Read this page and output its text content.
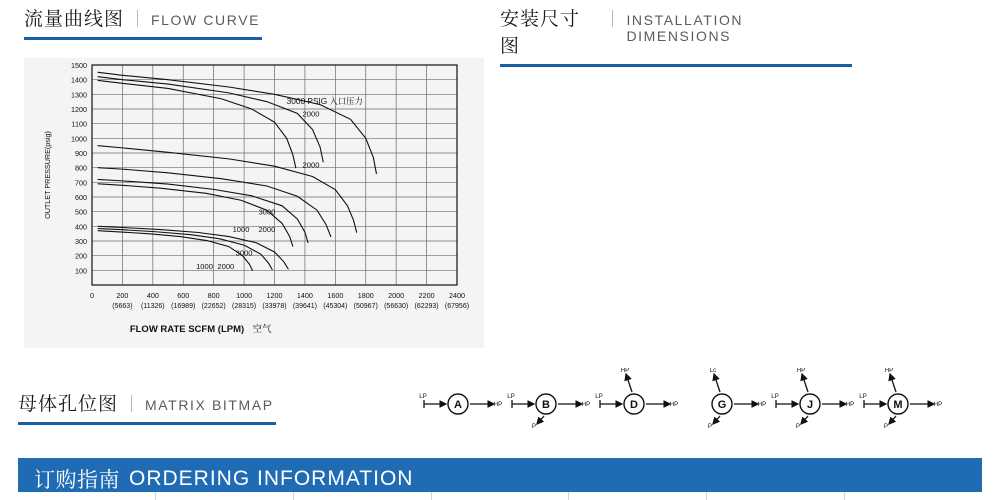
流量曲线图 FLOW CURVE	安装尺寸图
INSTALLATION DIMENSIONS
100
200
300
400
500
600
700
800
900
1000
1100
1200
1300
1400
1500
OUTLET PRESSURE(psig)
0	200
(5663)
400
(11326)
600
(16989)
800
(22652)
1000
(28315)
1200
(33978)
1400
(39641)
1600
(45304)
1800
(50967)
2000
(56630)
2200
(62293)
2400
(67956)
FLOW RATE SCFM (LPM) 空气
3000 PSIG 入口压力
2000
2000
3000
1000 2000
3000
1000 2000
母体孔位图 MATRIX BITMAP
LP
HP
A
LP
HP
P
B
LP
HP
HP
D	HP
Lc
P
G
LP
HP
HP
P
J
LP
HP
HP
P
M
订购指南 ORDERING INFORMATION
